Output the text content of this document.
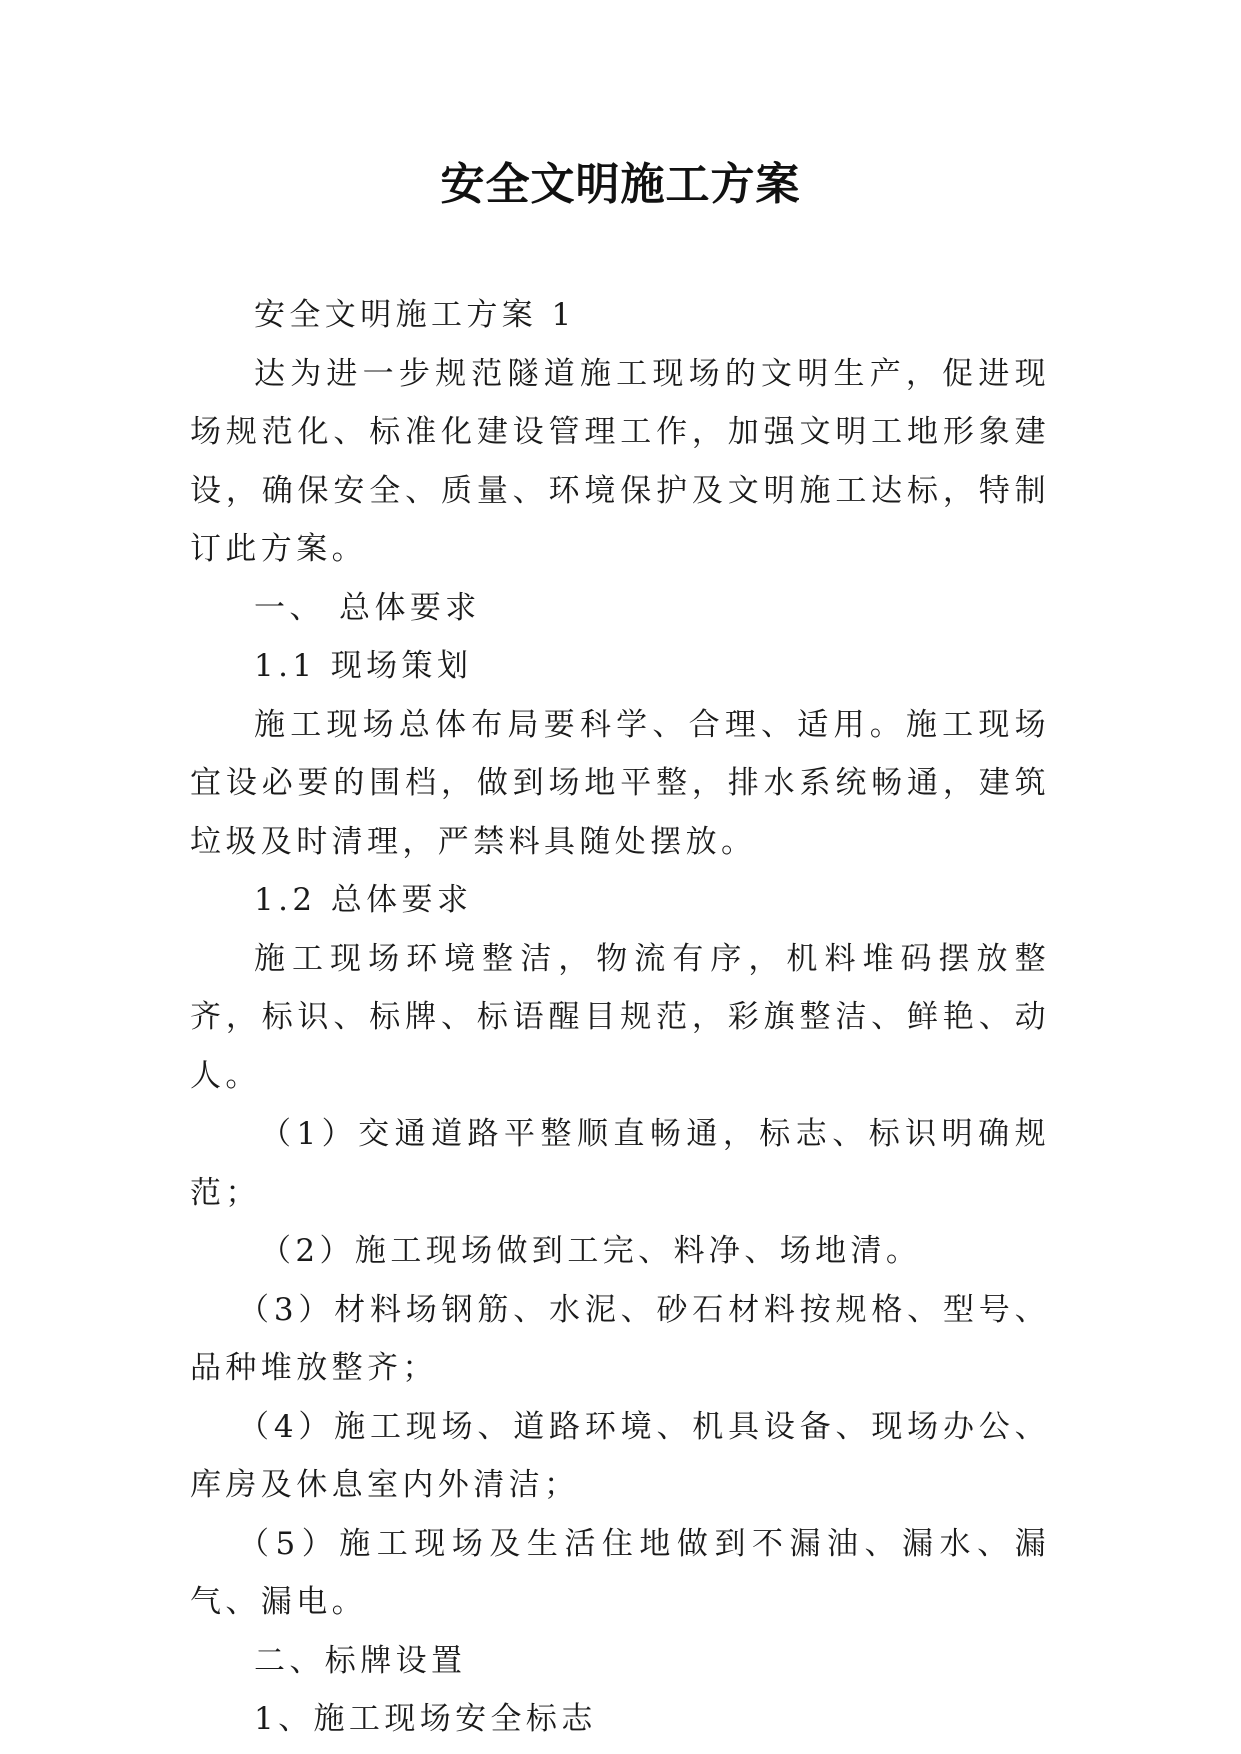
安全文明施工方案

安全文明施工方案 1

达为进一步规范隧道施工现场的文明生产，促进现场规范化、标准化建设管理工作，加强文明工地形象建设，确保安全、质量、环境保护及文明施工达标，特制订此方案。

一、 总体要求

1.1 现场策划

施工现场总体布局要科学、合理、适用。施工现场宜设必要的围档，做到场地平整，排水系统畅通，建筑垃圾及时清理，严禁料具随处摆放。

1.2 总体要求

施工现场环境整洁，物流有序，机料堆码摆放整齐，标识、标牌、标语醒目规范，彩旗整洁、鲜艳、动人。

（1）交通道路平整顺直畅通，标志、标识明确规范；

（2）施工现场做到工完、料净、场地清。

（3）材料场钢筋、水泥、砂石材料按规格、型号、品种堆放整齐；

（4）施工现场、道路环境、机具设备、现场办公、库房及休息室内外清洁；

（5）施工现场及生活住地做到不漏油、漏水、漏气、漏电。

二、标牌设置

1、施工现场安全标志
